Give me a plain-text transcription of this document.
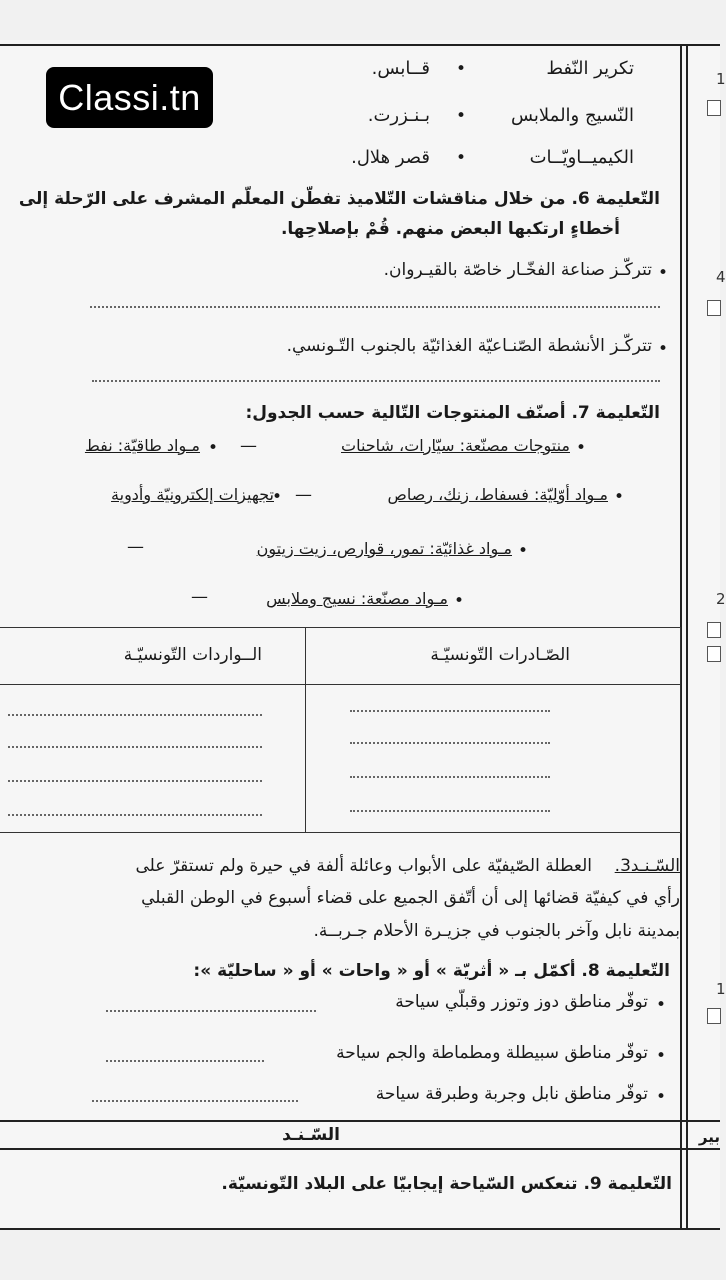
1
4
2
1
Classi.tn
تكرير النّفط
•
قــابس.
النّسيج والملابس
•
بـنـزرت.
الكيميــاويّــات
•
قصر هلال.
التّعليمة 6. من خلال مناقشات التّلاميذ تفطّن المعلّم المشرف على الرّحلة إلى
أخطاءٍ ارتكبها البعض منهم. قُمْ بإصلاحِها.
•
تتركّـز صناعة الفخّـار خاصّة بالقيـروان.
•
تتركّـز الأنشطة الصّنـاعيّة الغذائيّة بالجنوب التّـونسي.
التّعليمة 7. أصنّف المنتوجات التّالية حسب الجدول:
•
منتوجات مصنّعة: سيّارات، شاحنات
—
•
مـواد طاقيّة: نفط
•
مـواد أوّليّة: فسفاط، زنك، رصاص
—
•
تجهيزات إلكترونيّة وأدوية
•
مـواد غذائيّة: تمور، قوارص، زيت زيتون
—
•
مـواد مصنّعة: نسيج وملابس
—
الصّـادرات التّونسيّـة
الــواردات التّونسيّـة
السّـنـد3.
العطلة الصّيفيّة على الأبواب وعائلة ألفة في حيرة ولم تستقرّ على
رأي في كيفيّة قضائها إلى أن أتّفق الجميع على قضاء أسبوع في الوطن القبلي
بمدينة نابل وآخر بالجنوب في جزيـرة الأحلام جـربــة.
التّعليمة 8. أكمّل بـ « أثريّة » أو « واحات » أو « ساحليّة »:
•
توفّر مناطق دوز وتوزر وقبلّي سياحة
•
توفّر مناطق سبيطلة ومطماطة والجم سياحة
•
توفّر مناطق نابل وجربة وطبرقة سياحة
السّـنـد	بير
التّعليمة 9. تنعكس السّياحة إيجابيّا على البلاد التّونسيّة.
